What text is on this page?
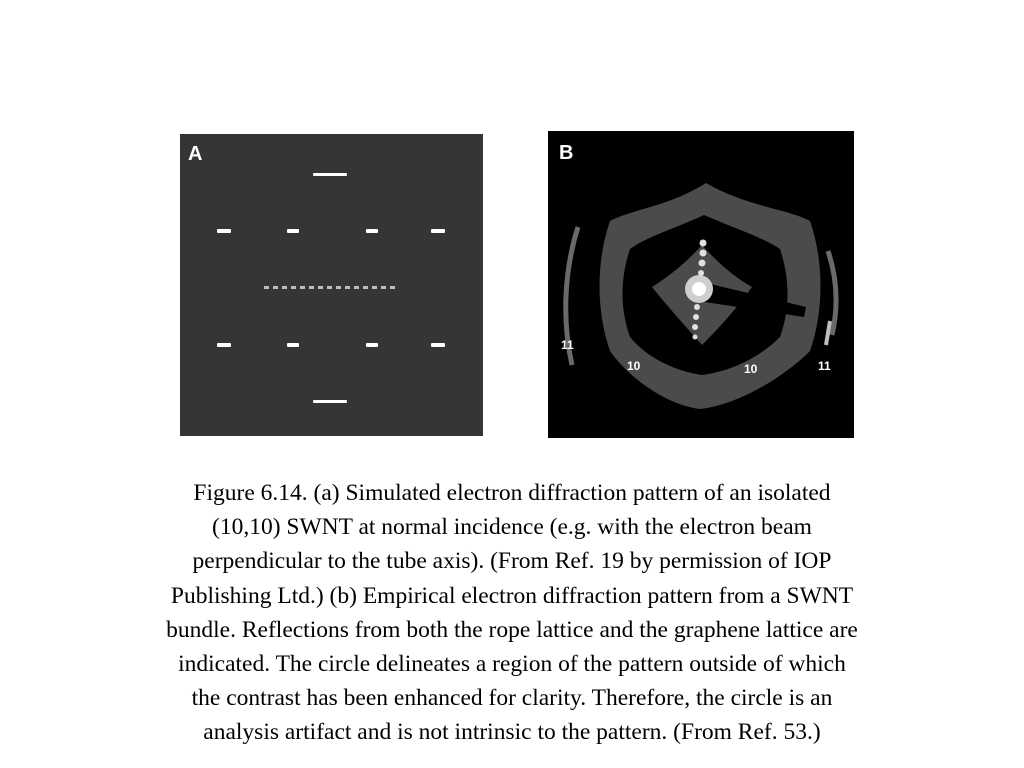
A	B
11
10	10	11
Figure 6.14. (a) Simulated electron diffraction pattern of an isolated
(10,10) SWNT at normal incidence (e.g. with the electron beam
perpendicular to the tube axis). (From Ref. 19 by permission of IOP
Publishing Ltd.) (b) Empirical electron diffraction pattern from a SWNT
bundle. Reflections from both the rope lattice and the graphene lattice are
indicated. The circle delineates a region of the pattern outside of which
the contrast has been enhanced for clarity. Therefore, the circle is an
analysis artifact and is not intrinsic to the pattern. (From Ref. 53.)
